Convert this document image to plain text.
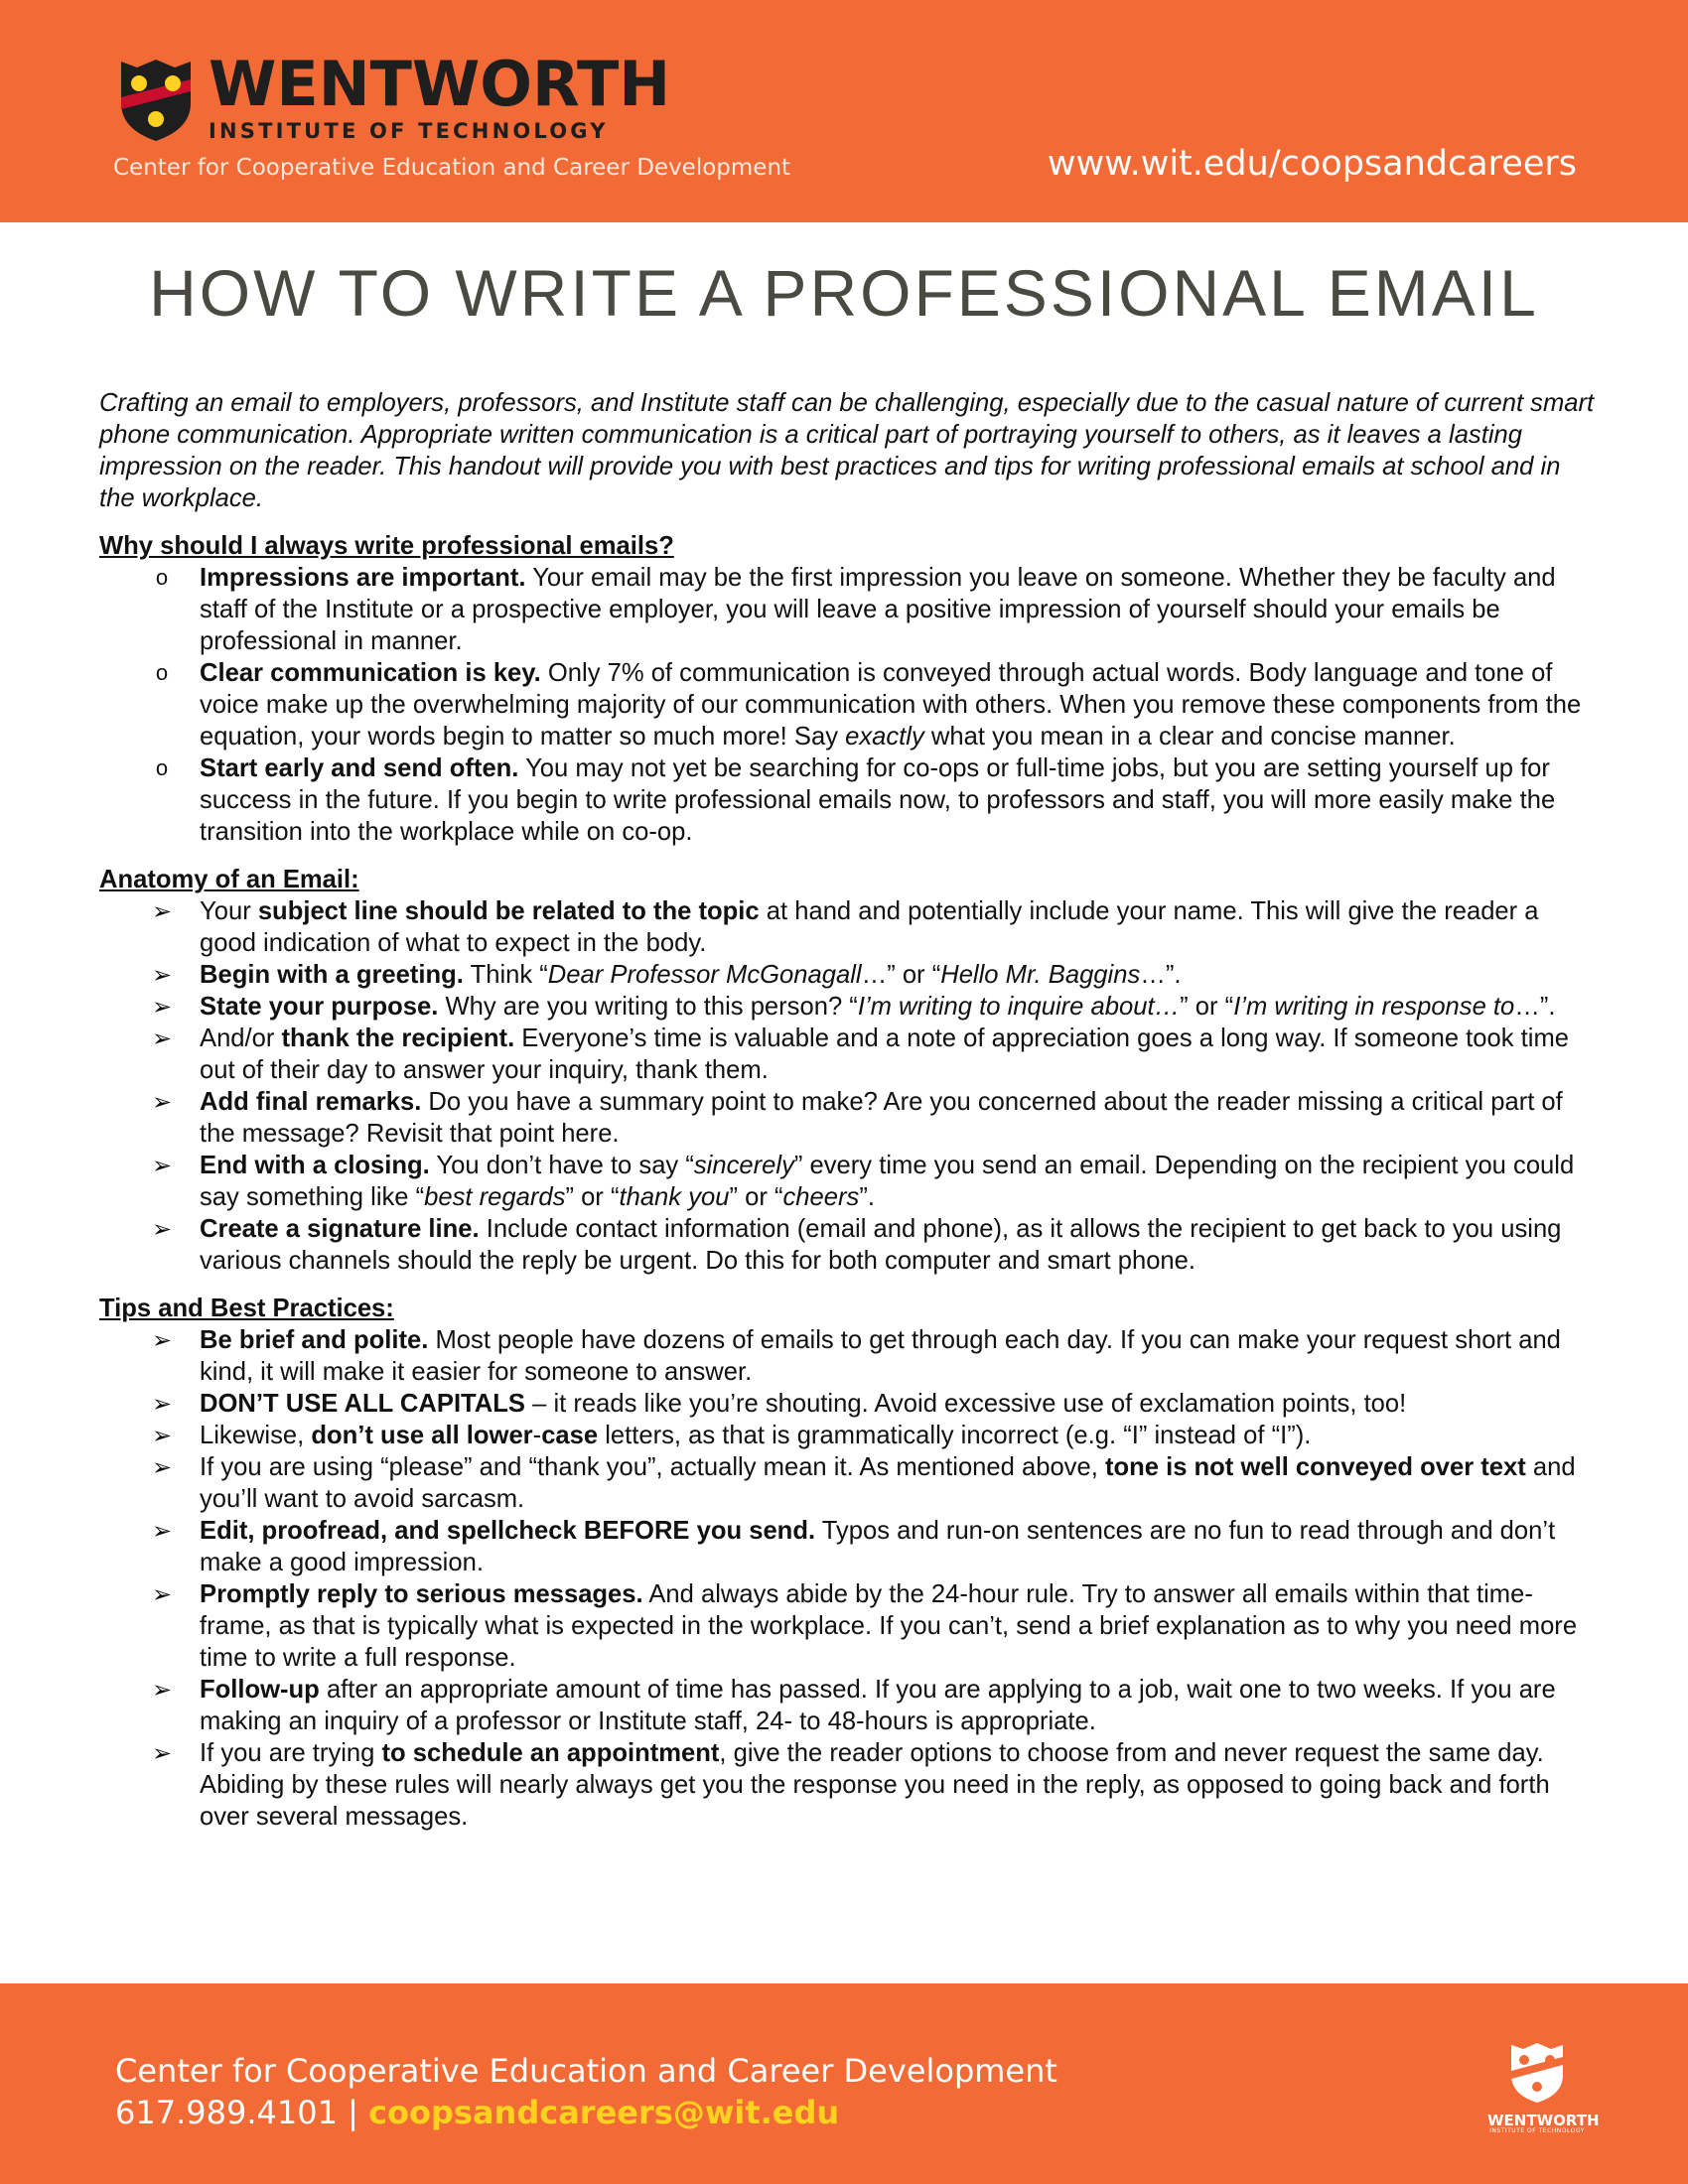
WENTWORTH
INSTITUTE OF TECHNOLOGY
Center for Cooperative Education and Career Development	www.wit.edu/coopsandcareers
HOW TO WRITE A PROFESSIONAL EMAIL

Crafting an email to employers, professors, and Institute staff can be challenging, especially due to the casual nature of current smart phone communication. Appropriate written communication is a critical part of portraying yourself to others, as it leaves a lasting impression on the reader. This handout will provide you with best practices and tips for writing professional emails at school and in the workplace.

Why should I always write professional emails?

o	Impressions are important. Your email may be the first impression you leave on someone. Whether they be faculty and staff of the Institute or a prospective employer, you will leave a positive impression of yourself should your emails be professional in manner.
o	Clear communication is key. Only 7% of communication is conveyed through actual words. Body language and tone of voice make up the overwhelming majority of our communication with others. When you remove these components from the equation, your words begin to matter so much more! Say exactly what you mean in a clear and concise manner.
o	Start early and send often. You may not yet be searching for co-ops or full-time jobs, but you are setting yourself up for success in the future. If you begin to write professional emails now, to professors and staff, you will more easily make the transition into the workplace while on co-op.

Anatomy of an Email:

➢ Your subject line should be related to the topic at hand and potentially include your name. This will give the reader a good indication of what to expect in the body.
➢ Begin with a greeting. Think “Dear Professor McGonagall…” or “Hello Mr. Baggins…”.
➢ State your purpose. Why are you writing to this person? “I’m writing to inquire about…” or “I’m writing in response to…”.
➢ And/or thank the recipient. Everyone’s time is valuable and a note of appreciation goes a long way. If someone took time out of their day to answer your inquiry, thank them.
➢ Add final remarks. Do you have a summary point to make? Are you concerned about the reader missing a critical part of the message? Revisit that point here.
➢ End with a closing. You don’t have to say “sincerely” every time you send an email. Depending on the recipient you could say something like “best regards” or “thank you” or “cheers”.
➢ Create a signature line. Include contact information (email and phone), as it allows the recipient to get back to you using various channels should the reply be urgent. Do this for both computer and smart phone.

Tips and Best Practices:

➢ Be brief and polite. Most people have dozens of emails to get through each day. If you can make your request short and kind, it will make it easier for someone to answer.
➢ DON’T USE ALL CAPITALS – it reads like you’re shouting. Avoid excessive use of exclamation points, too!
➢ Likewise, don’t use all lower-case letters, as that is grammatically incorrect (e.g. “I” instead of “I”).
➢ If you are using “please” and “thank you”, actually mean it. As mentioned above, tone is not well conveyed over text and you’ll want to avoid sarcasm.
➢ Edit, proofread, and spellcheck BEFORE you send. Typos and run-on sentences are no fun to read through and don’t make a good impression.
➢ Promptly reply to serious messages. And always abide by the 24-hour rule. Try to answer all emails within that time-frame, as that is typically what is expected in the workplace. If you can’t, send a brief explanation as to why you need more time to write a full response.
➢ Follow-up after an appropriate amount of time has passed. If you are applying to a job, wait one to two weeks. If you are making an inquiry of a professor or Institute staff, 24- to 48-hours is appropriate.
➢ If you are trying to schedule an appointment, give the reader options to choose from and never request the same day. Abiding by these rules will nearly always get you the response you need in the reply, as opposed to going back and forth over several messages.
Center for Cooperative Education and Career Development
617.989.4101 | coopsandcareers@wit.edu	WENTWORTH
INSTITUTE OF TECHNOLOGY
